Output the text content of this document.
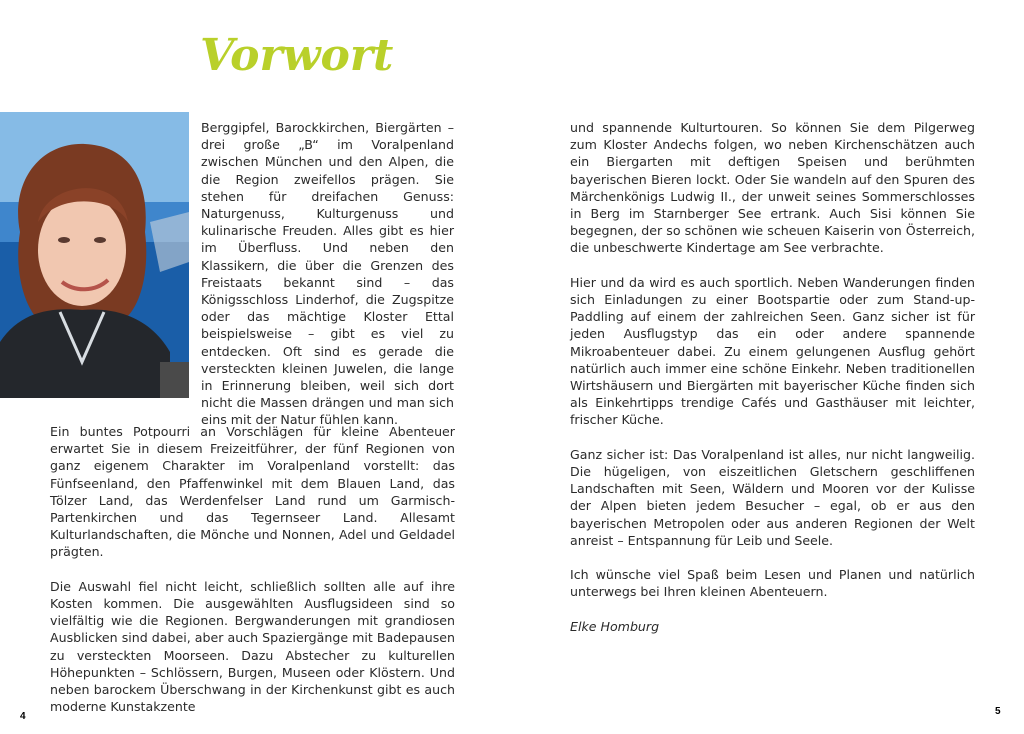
Vorwort

Berggipfel, Barockkirchen, Biergärten – drei große „B“ im Voralpenland zwischen München und den Alpen, die die Region zweifellos prägen. Sie stehen für dreifachen Genuss: Naturgenuss, Kulturgenuss und kulinarische Freuden. Alles gibt es hier im Überfluss. Und neben den Klassikern, die über die Grenzen des Freistaats bekannt sind – das Königsschloss Linderhof, die Zugspitze oder das mächtige Kloster Ettal beispielsweise – gibt es viel zu entdecken. Oft sind es gerade die versteckten kleinen Juwelen, die lange in Erinnerung bleiben, weil sich dort nicht die Massen drängen und man sich eins mit der Natur fühlen kann.

Ein buntes Potpourri an Vorschlägen für kleine Abenteuer erwartet Sie in diesem Freizeitführer, der fünf Regionen von ganz eigenem Charakter im Voralpenland vorstellt: das Fünfseenland, den Pfaffenwinkel mit dem Blauen Land, das Tölzer Land, das Werdenfelser Land rund um Garmisch-Partenkirchen und das Tegernseer Land. Allesamt Kulturlandschaften, die Mönche und Nonnen, Adel und Geldadel prägten.

Die Auswahl fiel nicht leicht, schließlich sollten alle auf ihre Kosten kommen. Die ausgewählten Ausflugsideen sind so vielfältig wie die Regionen. Bergwanderungen mit grandiosen Ausblicken sind dabei, aber auch Spaziergänge mit Badepausen zu versteckten Moorseen. Dazu Abstecher zu kulturellen Höhepunkten – Schlössern, Burgen, Museen oder Klöstern. Und neben barockem Überschwang in der Kirchenkunst gibt es auch moderne Kunstakzente

und spannende Kulturtouren. So können Sie dem Pilgerweg zum Kloster Andechs folgen, wo neben Kirchenschätzen auch ein Biergarten mit deftigen Speisen und berühmten bayerischen Bieren lockt. Oder Sie wandeln auf den Spuren des Märchenkönigs Ludwig II., der unweit seines Sommerschlosses in Berg im Starnberger See ertrank. Auch Sisi können Sie begegnen, der so schönen wie scheuen Kaiserin von Österreich, die unbeschwerte Kindertage am See verbrachte.

Hier und da wird es auch sportlich. Neben Wanderungen finden sich Einladungen zu einer Bootspartie oder zum Stand-up-Paddling auf einem der zahlreichen Seen. Ganz sicher ist für jeden Ausflugstyp das ein oder andere spannende Mikroabenteuer dabei. Zu einem gelungenen Ausflug gehört natürlich auch immer eine schöne Einkehr. Neben traditionellen Wirtshäusern und Biergärten mit bayerischer Küche finden sich als Einkehrtipps trendige Cafés und Gasthäuser mit leichter, frischer Küche.

Ganz sicher ist: Das Voralpenland ist alles, nur nicht langweilig. Die hügeligen, von eiszeitlichen Gletschern geschliffenen Landschaften mit Seen, Wäldern und Mooren vor der Kulisse der Alpen bieten jedem Besucher – egal, ob er aus den bayerischen Metropolen oder aus anderen Regionen der Welt anreist – Entspannung für Leib und Seele.

Ich wünsche viel Spaß beim Lesen und Planen und natürlich unterwegs bei Ihren kleinen Abenteuern.

Elke Homburg

4	5
